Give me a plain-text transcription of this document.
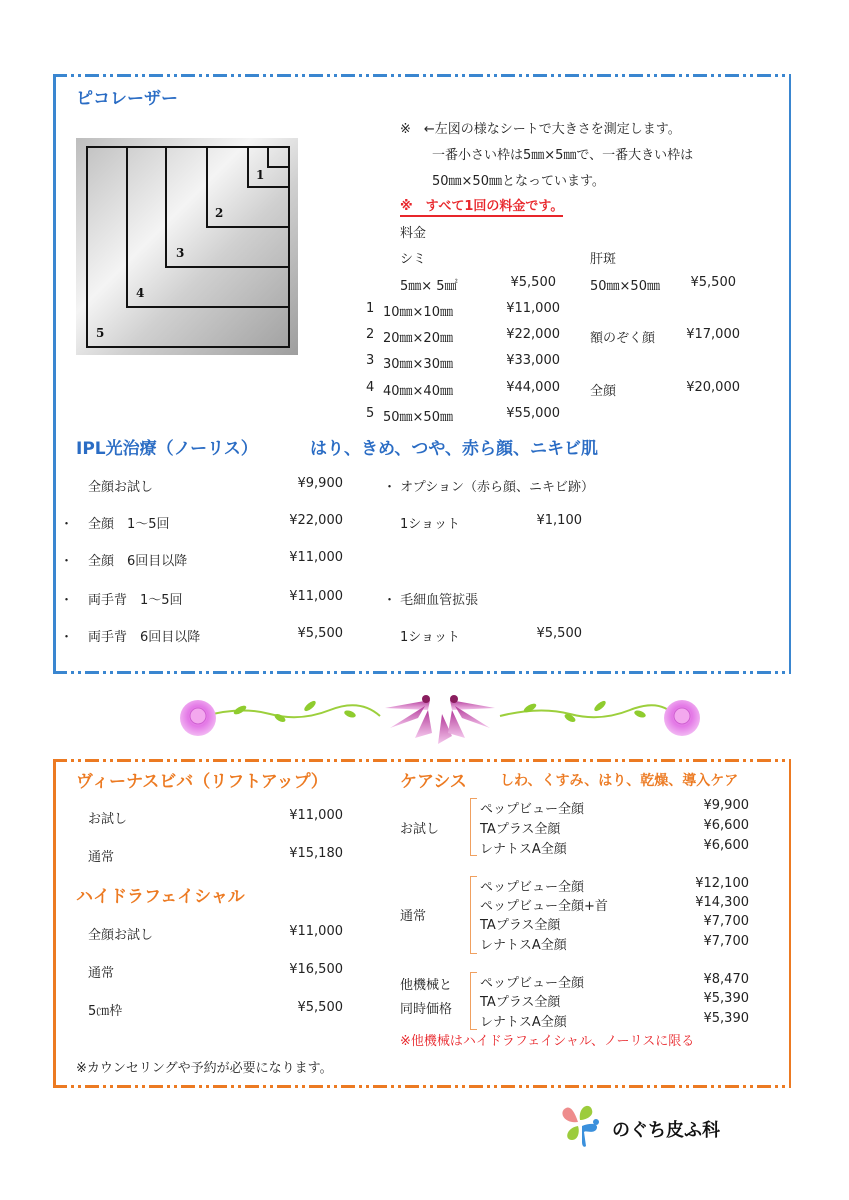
ピコレーザー
1
2
3
4
5
※　←左図の様なシートで大きさを測定します。
一番小さい枠は5㎜×5㎜で、一番大きい枠は
50㎜×50㎜となっています。
※　すべて1回の料金です。
料金
シミ	肝斑
5㎜× 5㎟	¥5,500
1 10㎜×10㎜	¥11,000
2 20㎜×20㎜	¥22,000
3 30㎜×30㎜	¥33,000
4 40㎜×40㎜	¥44,000
5 50㎜×50㎜	¥55,000
50㎜×50㎜	¥5,500
額のぞく顔	¥17,000
全顔	¥20,000
IPL光治療（ノーリス）	はり、きめ、つや、赤ら顔、ニキビ肌
全顔お試し	¥9,900
・ 全顔　1～5回	¥22,000
・ 全顔　6回目以降	¥11,000
・ 両手背　1～5回	¥11,000
・ 両手背　6回目以降	¥5,500
・ オプション（赤ら顔、ニキビ跡）
1ショット	¥1,100
・ 毛細血管拡張
1ショット	¥5,500
ヴィーナスビバ（リフトアップ）
お試し	¥11,000
通常	¥15,180
ハイドラフェイシャル
全顔お試し	¥11,000
通常	¥16,500
5㎝枠	¥5,500
※カウンセリングや予約が必要になります。
ケアシス しわ、くすみ、はり、乾燥、導入ケア
お試し
ペップビュー全顔	¥9,900
TAプラス全顔	¥6,600
レナトスA全顔	¥6,600
通常
ペップビュー全顔	¥12,100
ペップビュー全顔+首	¥14,300
TAプラス全顔	¥7,700
レナトスA全顔	¥7,700
他機械と
同時価格
ペップビュー全顔	¥8,470
TAプラス全顔	¥5,390
レナトスA全顔	¥5,390
※他機械はハイドラフェイシャル、ノーリスに限る
のぐち皮ふ科
